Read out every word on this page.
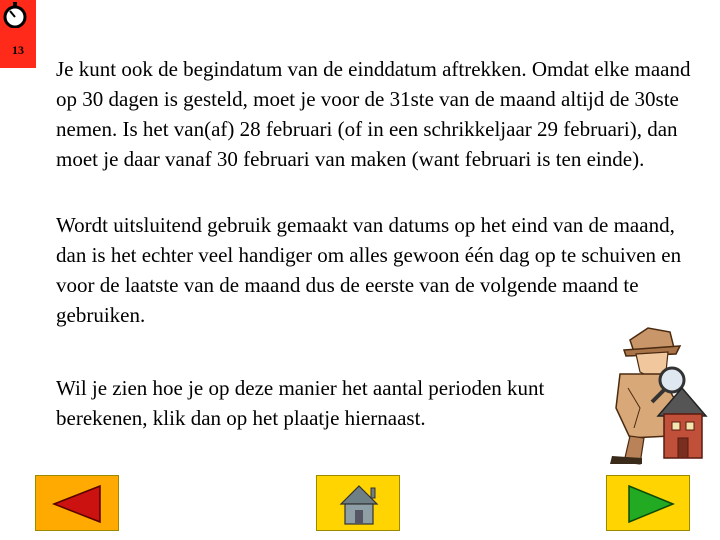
13

Je kunt ook de begindatum van de einddatum aftrekken. Omdat elke maand op 30 dagen is gesteld, moet je voor de 31ste van de maand altijd de 30ste nemen. Is het van(af) 28 februari (of in een schrikkeljaar 29 februari), dan moet je daar vanaf 30 februari van maken (want februari is ten einde).

Wordt uitsluitend gebruik gemaakt van datums op het eind van de maand, dan is het echter veel handiger om alles gewoon één dag op te schuiven en voor de laatste van de maand dus de eerste van de volgende maand te gebruiken.

Wil je zien hoe je op deze manier het aantal perioden kunt berekenen, klik dan op het plaatje hiernaast.
